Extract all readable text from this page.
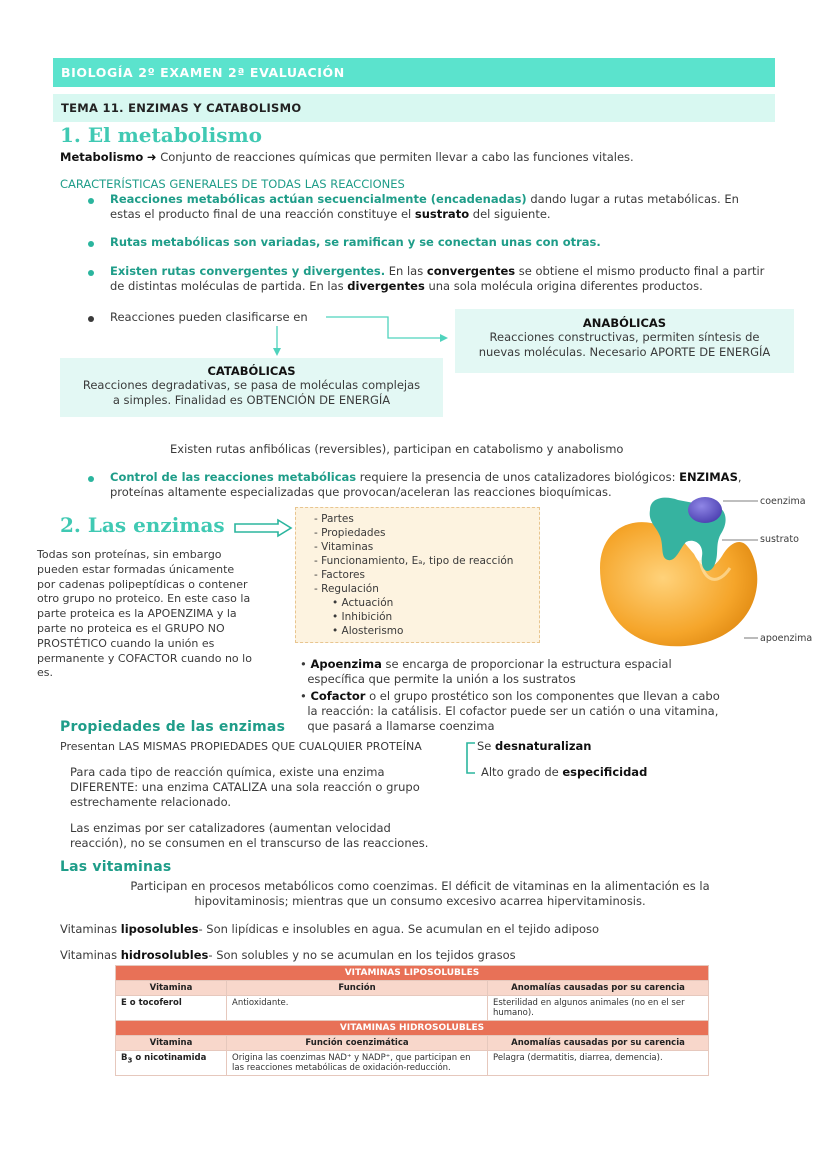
BIOLOGÍA 2º EXAMEN 2ª EVALUACIÓN
TEMA 11. ENZIMAS Y CATABOLISMO
1. El metabolismo
Metabolismo ➜ Conjunto de reacciones químicas que permiten llevar a cabo las funciones vitales.
CARACTERÍSTICAS GENERALES DE TODAS LAS REACCIONES
Reacciones metabólicas actúan secuencialmente (encadenadas) dando lugar a rutas metabólicas. En
estas el producto final de una reacción constituye el sustrato del siguiente.
Rutas metabólicas son variadas, se ramifican y se conectan unas con otras.
Existen rutas convergentes y divergentes. En las convergentes se obtiene el mismo producto final a partir
de distintas moléculas de partida. En las divergentes una sola molécula origina diferentes productos.
Reacciones pueden clasificarse en	ANABÓLICAS
Reacciones constructivas, permiten síntesis de
nuevas moléculas. Necesario APORTE DE ENERGÍA
CATABÓLICAS
Reacciones degradativas, se pasa de moléculas complejas
a simples. Finalidad es OBTENCIÓN DE ENERGÍA
Existen rutas anfibólicas (reversibles), participan en catabolismo y anabolismo
Control de las reacciones metabólicas requiere la presencia de unos catalizadores biológicos: ENZIMAS,
proteínas altamente especializadas que provocan/aceleran las reacciones bioquímicas.
2. Las enzimas
Todas son proteínas, sin embargo
pueden estar formadas únicamente
por cadenas polipeptídicas o contener
otro grupo no proteico. En este caso la
parte proteica es la APOENZIMA y la
parte no proteica es el GRUPO NO
PROSTÉTICO cuando la unión es
permanente y COFACTOR cuando no lo
es.
- Partes
- Propiedades
- Vitaminas
- Funcionamiento, Eₐ, tipo de reacción
- Factores
- Regulación
• Actuación
• Inhibición
• Alosterismo
coenzima
sustrato
apoenzima
• Apoenzima se encarga de proporcionar la estructura espacial
específica que permite la unión a los sustratos
• Cofactor o el grupo prostético son los componentes que llevan a cabo
la reacción: la catálisis. El cofactor puede ser un catión o una vitamina,
que pasará a llamarse coenzima
Propiedades de las enzimas
Presentan LAS MISMAS PROPIEDADES QUE CUALQUIER PROTEÍNA	Se desnaturalizan
Alto grado de especificidad
Para cada tipo de reacción química, existe una enzima
DIFERENTE: una enzima CATALIZA una sola reacción o grupo
estrechamente relacionado.
Las enzimas por ser catalizadores (aumentan velocidad
reacción), no se consumen en el transcurso de las reacciones.
Las vitaminas
Participan en procesos metabólicos como coenzimas. El déficit de vitaminas en la alimentación es la
hipovitaminosis; mientras que un consumo excesivo acarrea hipervitaminosis.
Vitaminas liposolubles- Son lipídicas e insolubles en agua. Se acumulan en el tejido adiposo
Vitaminas hidrosolubles- Son solubles y no se acumulan en los tejidos grasos
VITAMINAS LIPOSOLUBLES		
Vitamina	Función	Anomalías causadas por su carencia
E o tocoferol	Antioxidante.	Esterilidad en algunos animales (no en el ser humano).
VITAMINAS HIDROSOLUBLES		
Vitamina	Función coenzimática	Anomalías causadas por su carencia
$B_3$ o nicotinamida	Origina las coenzimas NAD⁺ y NADP⁺, que participan en las reacciones metabólicas de oxidación-reducción.	Pelagra (dermatitis, diarrea, demencia).
